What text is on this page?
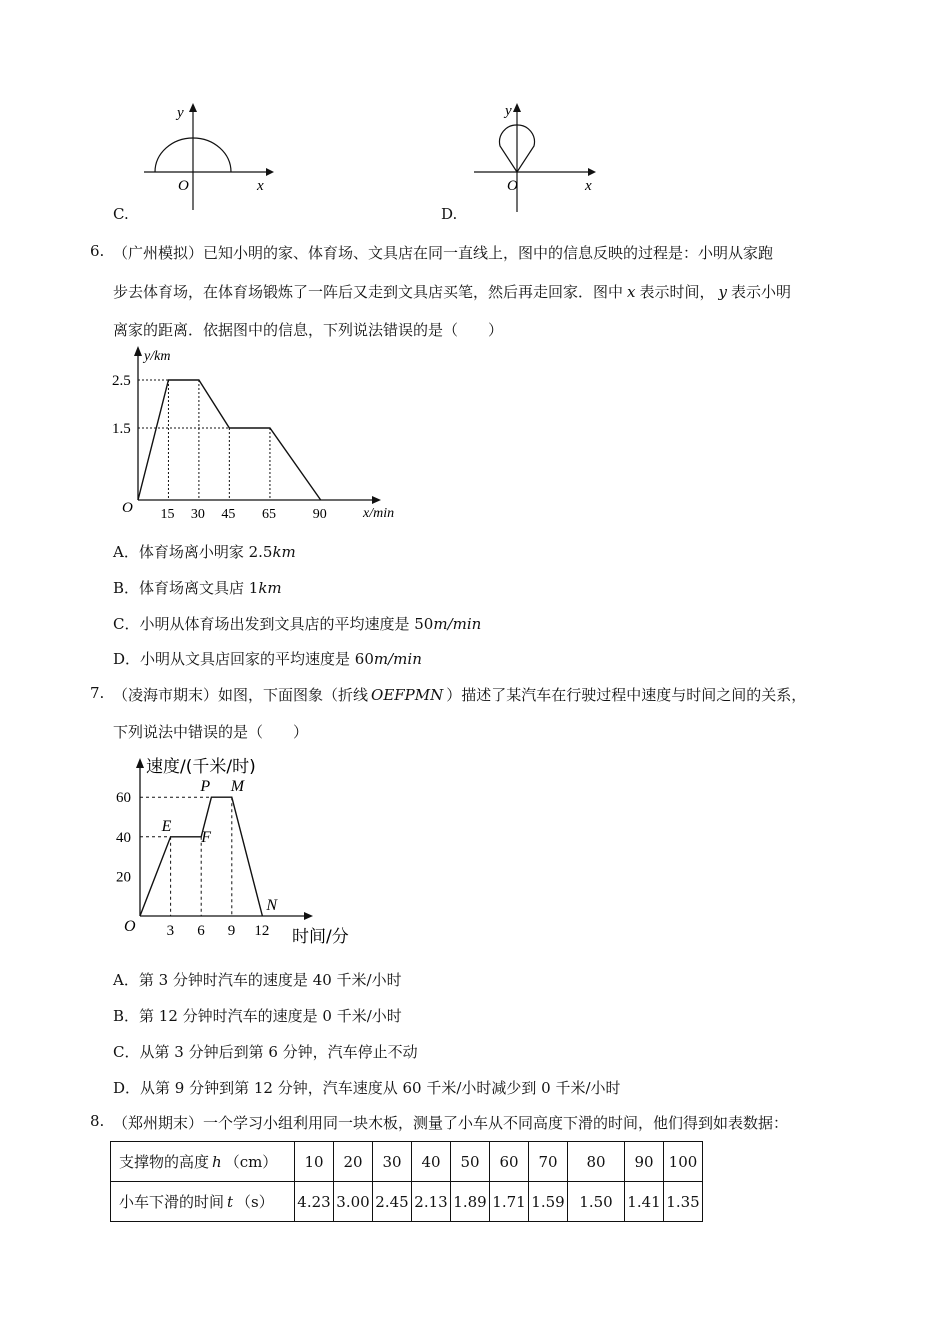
y
x
O
C.
y
x
O
D.
6. （广州模拟）已知小明的家、体育场、文具店在同一直线上，图中的信息反映的过程是：小明从家跑
步去体育场，在体育场锻炼了一阵后又走到文具店买笔，然后再走回家．图中 x 表示时间， y 表示小明
离家的距离．依据图中的信息，下列说法错误的是（　　）
2.5
1.5
15 30 45 65	90
y/km
x/min
O
A．体育场离小明家 2.5km
B．体育场离文具店 1km
C．小明从体育场出发到文具店的平均速度是 50m/min
D．小明从文具店回家的平均速度是 60m/min
7. （凌海市期末）如图，下面图象（折线 OEFPMN ）描述了某汽车在行驶过程中速度与时间之间的关系，
下列说法中错误的是（　　）
60
40
20
3 6 9 12
E
F
P M
N
速度/(千米/时)
时间/分
O
A．第 3 分钟时汽车的速度是 40 千米/小时
B．第 12 分钟时汽车的速度是 0 千米/小时
C．从第 3 分钟后到第 6 分钟，汽车停止不动
D．从第 9 分钟到第 12 分钟，汽车速度从 60 千米/小时减少到 0 千米/小时
8. （郑州期末）一个学习小组利用同一块木板，测量了小车从不同高度下滑的时间，他们得到如表数据：
支撑物的高度 h （cm）	10	20	30	40	50	60	70	80	90	100
小车下滑的时间 t （s）	4.23	3.00	2.45	2.13	1.89	1.71	1.59	1.50	1.41	1.35
